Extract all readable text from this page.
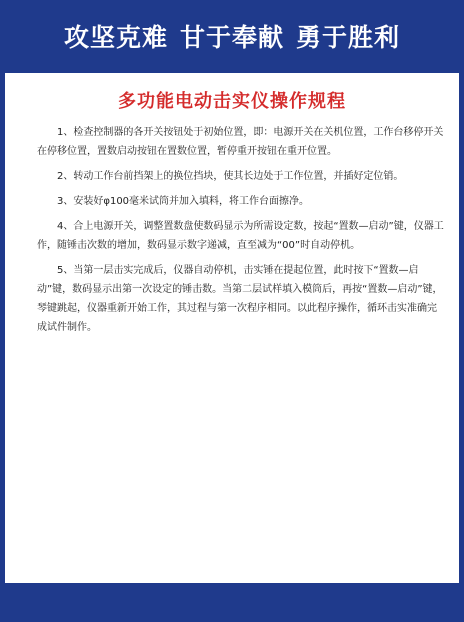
攻坚克难 甘于奉献 勇于胜利
多功能电动击实仪操作规程

1、检查控制器的各开关按钮处于初始位置，即：电源开关在关机位置，工作台移停开关在停移位置，置数启动按钮在置数位置，暂停重开按钮在重开位置。

2、转动工作台前挡架上的换位挡块，使其长边处于工作位置，并插好定位销。

3、安装好φ100毫米试筒并加入填料，将工作台面擦净。

4、合上电源开关，调整置数盘使数码显示为所需设定数，按起“置数—启动”键，仪器工作，随锤击次数的增加，数码显示数字递减，直至减为“00”时自动停机。

5、当第一层击实完成后，仪器自动停机，击实锤在提起位置，此时按下“置数—启动”键，数码显示出第一次设定的锤击数。当第二层试样填入模筒后，再按“置数—启动”键，琴键跳起，仪器重新开始工作，其过程与第一次程序相同。以此程序操作，循环击实准确完成试件制作。
